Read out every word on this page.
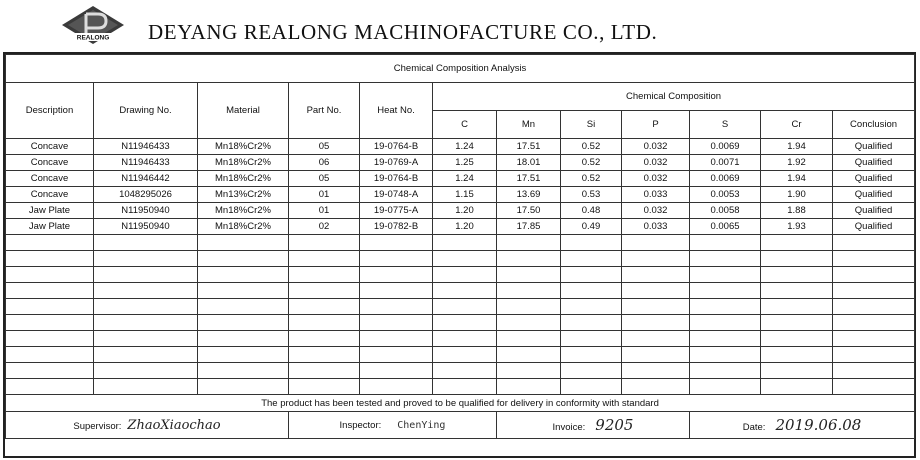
REALONG DEYANG REALONG MACHINOFACTURE CO., LTD.
Chemical Composition Analysis											
Description	Drawing No.	Material	Part No.	Heat No.	Chemical Composition						
					C	Mn	Si	P	S	Cr	Conclusion
Concave	N11946433	Mn18%Cr2%	05	19-0764-B	1.24	17.51	0.52	0.032	0.0069	1.94	Qualified
Concave	N11946433	Mn18%Cr2%	06	19-0769-A	1.25	18.01	0.52	0.032	0.0071	1.92	Qualified
Concave	N11946442	Mn18%Cr2%	05	19-0764-B	1.24	17.51	0.52	0.032	0.0069	1.94	Qualified
Concave	1048295026	Mn13%Cr2%	01	19-0748-A	1.15	13.69	0.53	0.033	0.0053	1.90	Qualified
Jaw Plate	N11950940	Mn18%Cr2%	01	19-0775-A	1.20	17.50	0.48	0.032	0.0058	1.88	Qualified
Jaw Plate	N11950940	Mn18%Cr2%	02	19-0782-B	1.20	17.85	0.49	0.033	0.0065	1.93	Qualified

The product has been tested and proved to be qualified for delivery in conformity with standard											
Supervisor: ZhaoXiaochao			Inspector: ChenYing			Invoice: 9205			Date: 2019.06.08		
